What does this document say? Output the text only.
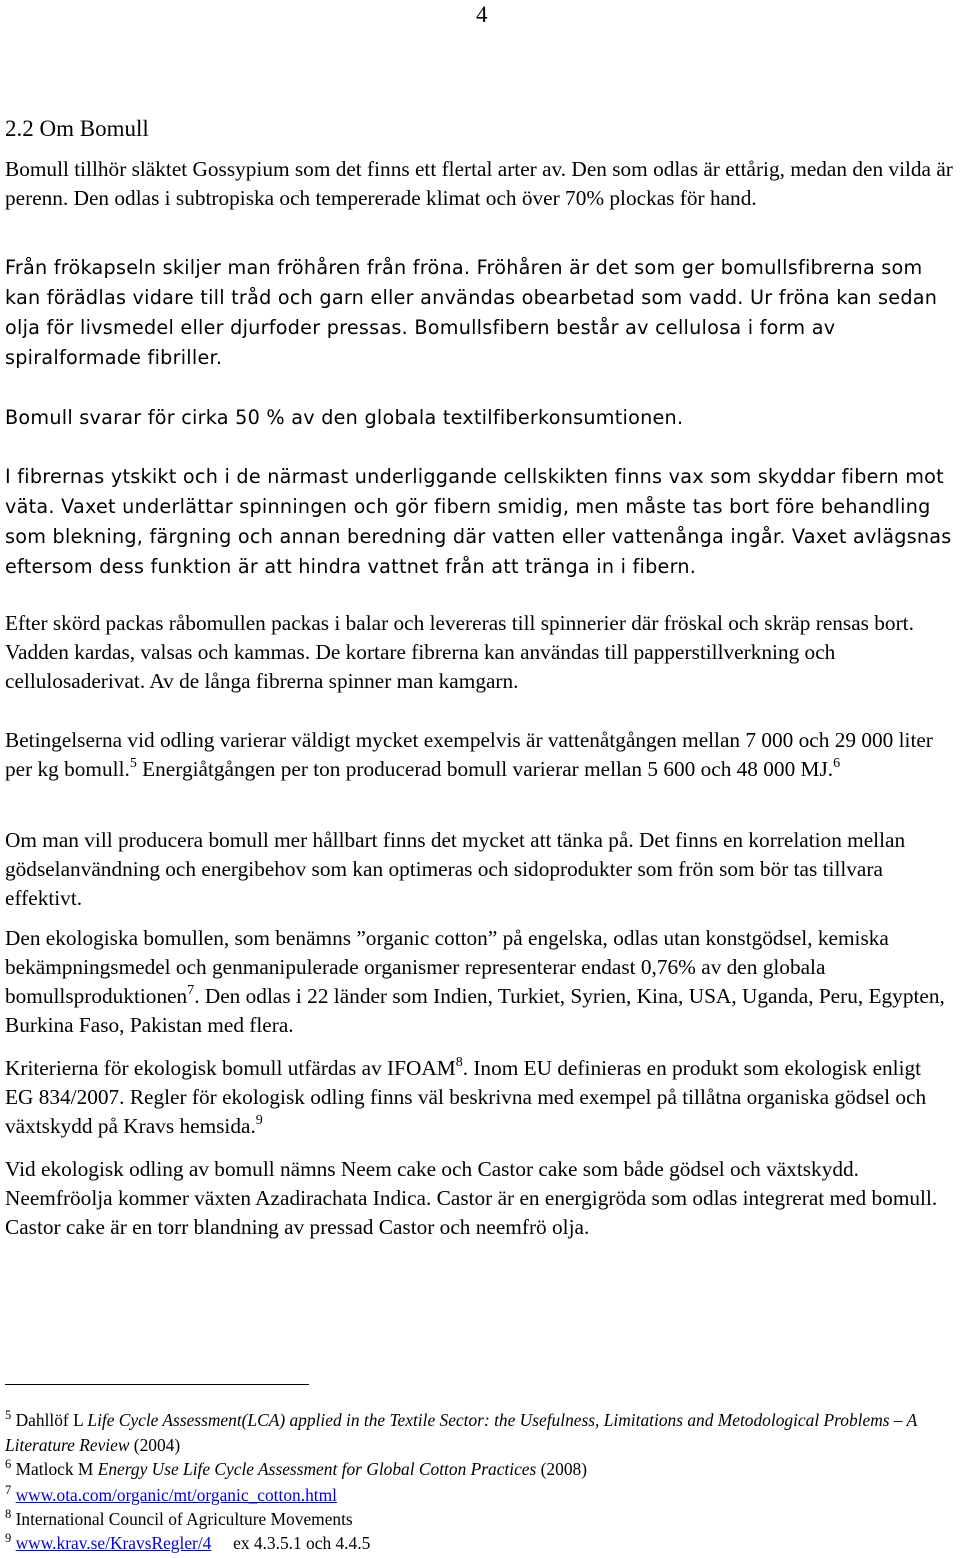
4
2.2 Om Bomull

Bomull tillhör släktet Gossypium som det finns ett flertal arter av. Den som odlas är ettårig, medan den vilda är perenn. Den odlas i subtropiska och tempererade klimat och över 70% plockas för hand.

Från frökapseln skiljer man fröhåren från fröna. Fröhåren är det som ger bomullsfibrerna som kan förädlas vidare till tråd och garn eller användas obearbetad som vadd. Ur fröna kan sedan olja för livsmedel eller djurfoder pressas. Bomullsfibern består av cellulosa i form av spiralformade fibriller.

Bomull svarar för cirka 50 % av den globala textilfiberkonsumtionen.

I fibrernas ytskikt och i de närmast underliggande cellskikten finns vax som skyddar fibern mot väta. Vaxet underlättar spinningen och gör fibern smidig, men måste tas bort före behandling som blekning, färgning och annan beredning där vatten eller vattenånga ingår. Vaxet avlägsnas eftersom dess funktion är att hindra vattnet från att tränga in i fibern.

Efter skörd packas råbomullen packas i balar och levereras till spinnerier där fröskal och skräp rensas bort. Vadden kardas, valsas och kammas. De kortare fibrerna kan användas till papperstillverkning och cellulosaderivat. Av de långa fibrerna spinner man kamgarn.

Betingelserna vid odling varierar väldigt mycket exempelvis är vattenåtgången mellan 7 000 och 29 000 liter per kg bomull.$^5$ Energiåtgången per ton producerad bomull varierar mellan 5 600 och 48 000 MJ.$^6$

Om man vill producera bomull mer hållbart finns det mycket att tänka på. Det finns en korrelation mellan gödselanvändning och energibehov som kan optimeras och sidoprodukter som frön som bör tas tillvara effektivt.

Den ekologiska bomullen, som benämns ”organic cotton” på engelska, odlas utan konstgödsel, kemiska bekämpningsmedel och genmanipulerade organismer representerar endast 0,76% av den globala bomullsproduktionen$^7$. Den odlas i 22 länder som Indien, Turkiet, Syrien, Kina, USA, Uganda, Peru, Egypten, Burkina Faso, Pakistan med flera.

Kriterierna för ekologisk bomull utfärdas av IFOAM$^8$. Inom EU definieras en produkt som ekologisk enligt EG 834/2007. Regler för ekologisk odling finns väl beskrivna med exempel på tillåtna organiska gödsel och växtskydd på Kravs hemsida.$^9$

Vid ekologisk odling av bomull nämns Neem cake och Castor cake som både gödsel och växtskydd. Neemfröolja kommer växten Azadirachata Indica. Castor är en energigröda som odlas integrerat med bomull. Castor cake är en torr blandning av pressad Castor och neemfrö olja.

$^5$ Dahllöf L Life Cycle Assessment(LCA) applied in the Textile Sector: the Usefulness, Limitations and Metodological Problems – A Literature Review (2004)

$^6$ Matlock M Energy Use Life Cycle Assessment for Global Cotton Practices (2008)

$^7$ www.ota.com/organic/mt/organic_cotton.html

$^8$ International Council of Agriculture Movements

$^9$ www.krav.se/KravsRegler/4     ex 4.3.5.1 och 4.4.5
